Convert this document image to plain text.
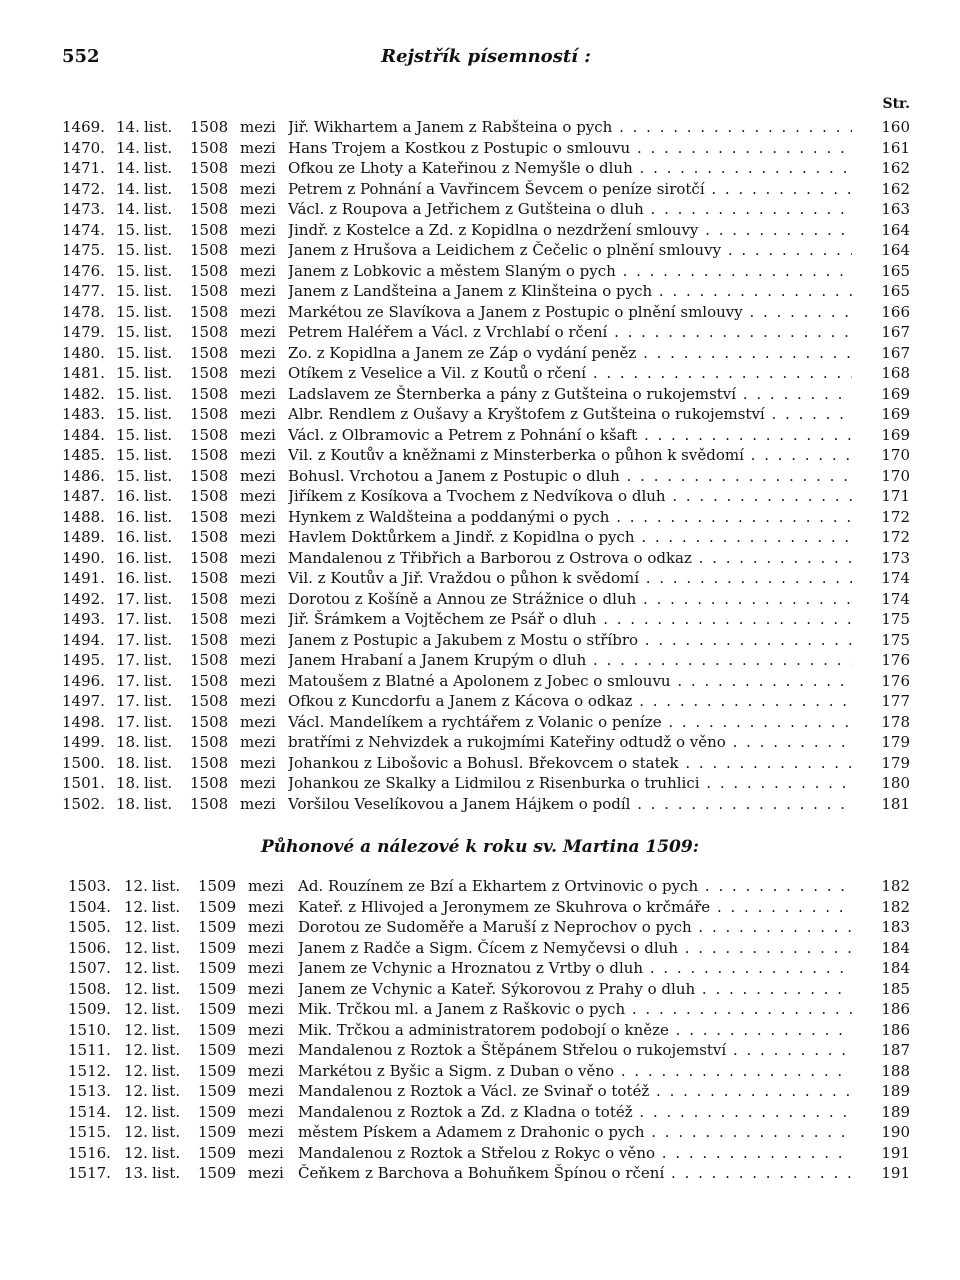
552	Rejstřík písemností :
Str.
1469. 14. list.	1508 mezi Jiř. Wikhartem a Janem z Rabšteina o pych . . .	160
1470. 14. list.	1508 mezi Hans Trojem a Kostkou z Postupic o smlouvu . . .	161
1471. 14. list.	1508 mezi Ofkou ze Lhoty a Kateřinou z Nemyšle o dluh . . .	162
1472. 14. list.	1508 mezi Petrem z Pohnání a Vavřincem Ševcem o peníze sirotčí . . .	162
1473. 14. list.	1508 mezi Václ. z Roupova a Jetřichem z Gutšteina o dluh . . .	163
1474. 15. list.	1508 mezi Jindř. z Kostelce a Zd. z Kopidlna o nezdržení smlouvy . . .	164
1475. 15. list.	1508 mezi Janem z Hrušova a Leidichem z Čečelic o plnění smlouvy . . .	164
1476. 15. list.	1508 mezi Janem z Lobkovic a městem Slaným o pych . . .	165
1477. 15. list.	1508 mezi Janem z Landšteina a Janem z Klinšteina o pych . . .	165
1478. 15. list.	1508 mezi Markétou ze Slavíkova a Janem z Postupic o plnění smlouvy . . .	166
1479. 15. list.	1508 mezi Petrem Haléřem a Václ. z Vrchlabí o rčení . . .	167
1480. 15. list.	1508 mezi Zo. z Kopidlna a Janem ze Záp o vydání peněz . . .	167
1481. 15. list.	1508 mezi Otíkem z Veselice a Vil. z Koutů o rčení . . .	168
1482. 15. list.	1508 mezi Ladslavem ze Šternberka a pány z Gutšteina o rukojemství . . .	169
1483. 15. list.	1508 mezi Albr. Rendlem z Oušavy a Kryštofem z Gutšteina o rukojemství . . .	169
1484. 15. list.	1508 mezi Václ. z Olbramovic a Petrem z Pohnání o kšaft . . .	169
1485. 15. list.	1508 mezi Vil. z Koutův a kněžnami z Minsterberka o půhon k svědomí . . .	170
1486. 15. list.	1508 mezi Bohusl. Vrchotou a Janem z Postupic o dluh . . .	170
1487. 16. list.	1508 mezi Jiříkem z Kosíkova a Tvochem z Nedvíkova o dluh . . .	171
1488. 16. list.	1508 mezi Hynkem z Waldšteina a poddanými o pych . . .	172
1489. 16. list.	1508 mezi Havlem Doktůrkem a Jindř. z Kopidlna o pych . . .	172
1490. 16. list.	1508 mezi Mandalenou z Třibřich a Barborou z Ostrova o odkaz . . .	173
1491. 16. list.	1508 mezi Vil. z Koutův a Jiř. Vraždou o půhon k svědomí . . .	174
1492. 17. list.	1508 mezi Dorotou z Košíně a Annou ze Strážnice o dluh . . .	174
1493. 17. list.	1508 mezi Jiř. Šrámkem a Vojtěchem ze Psář o dluh . . .	175
1494. 17. list.	1508 mezi Janem z Postupic a Jakubem z Mostu o stříbro . . .	175
1495. 17. list.	1508 mezi Janem Hrabaní a Janem Krupým o dluh . . .	176
1496. 17. list.	1508 mezi Matoušem z Blatné a Apolonem z Jobec o smlouvu . . .	176
1497. 17. list.	1508 mezi Ofkou z Kuncdorfu a Janem z Kácova o odkaz . . .	177
1498. 17. list.	1508 mezi Václ. Mandelíkem a rychtářem z Volanic o peníze . . .	178
1499. 18. list.	1508 mezi bratřími z Nehvizdek a rukojmími Kateřiny odtudž o věno . . .	179
1500. 18. list.	1508 mezi Johankou z Libošovic a Bohusl. Břekovcem o statek . . .	179
1501. 18. list.	1508 mezi Johankou ze Skalky a Lidmilou z Risenburka o truhlici . . .	180
1502. 18. list.	1508 mezi Voršilou Veselíkovou a Janem Hájkem o podíl . . .	181
Půhonové a nálezové k roku sv. Martina 1509:
1503. 12. list.	1509 mezi Ad. Rouzínem ze Bzí a Ekhartem z Ortvinovic o pych . . .	182
1504. 12. list.	1509 mezi Kateř. z Hlivojed a Jeronymem ze Skuhrova o krčmáře . . .	182
1505. 12. list.	1509 mezi Dorotou ze Sudoměře a Maruší z Neprochov o pych . . .	183
1506. 12. list.	1509 mezi Janem z Radče a Sigm. Čícem z Nemyčevsi o dluh . . .	184
1507. 12. list.	1509 mezi Janem ze Vchynic a Hroznatou z Vrtby o dluh . . .	184
1508. 12. list.	1509 mezi Janem ze Vchynic a Kateř. Sýkorovou z Prahy o dluh . . .	185
1509. 12. list.	1509 mezi Mik. Trčkou ml. a Janem z Raškovic o pych . . .	186
1510. 12. list.	1509 mezi Mik. Trčkou a administratorem podobojí o kněze . . .	186
1511. 12. list.	1509 mezi Mandalenou z Roztok a Štěpánem Střelou o rukojemství . . .	187
1512. 12. list.	1509 mezi Markétou z Byšic a Sigm. z Duban o věno . . .	188
1513. 12. list.	1509 mezi Mandalenou z Roztok a Václ. ze Svinař o totéž . . .	189
1514. 12. list.	1509 mezi Mandalenou z Roztok a Zd. z Kladna o totéž . . .	189
1515. 12. list.	1509 mezi městem Pískem a Adamem z Drahonic o pych . . .	190
1516. 12. list.	1509 mezi Mandalenou z Roztok a Střelou z Rokyc o věno . . .	191
1517. 13. list.	1509 mezi Čeňkem z Barchova a Bohuňkem Špínou o rčení . . .	191
